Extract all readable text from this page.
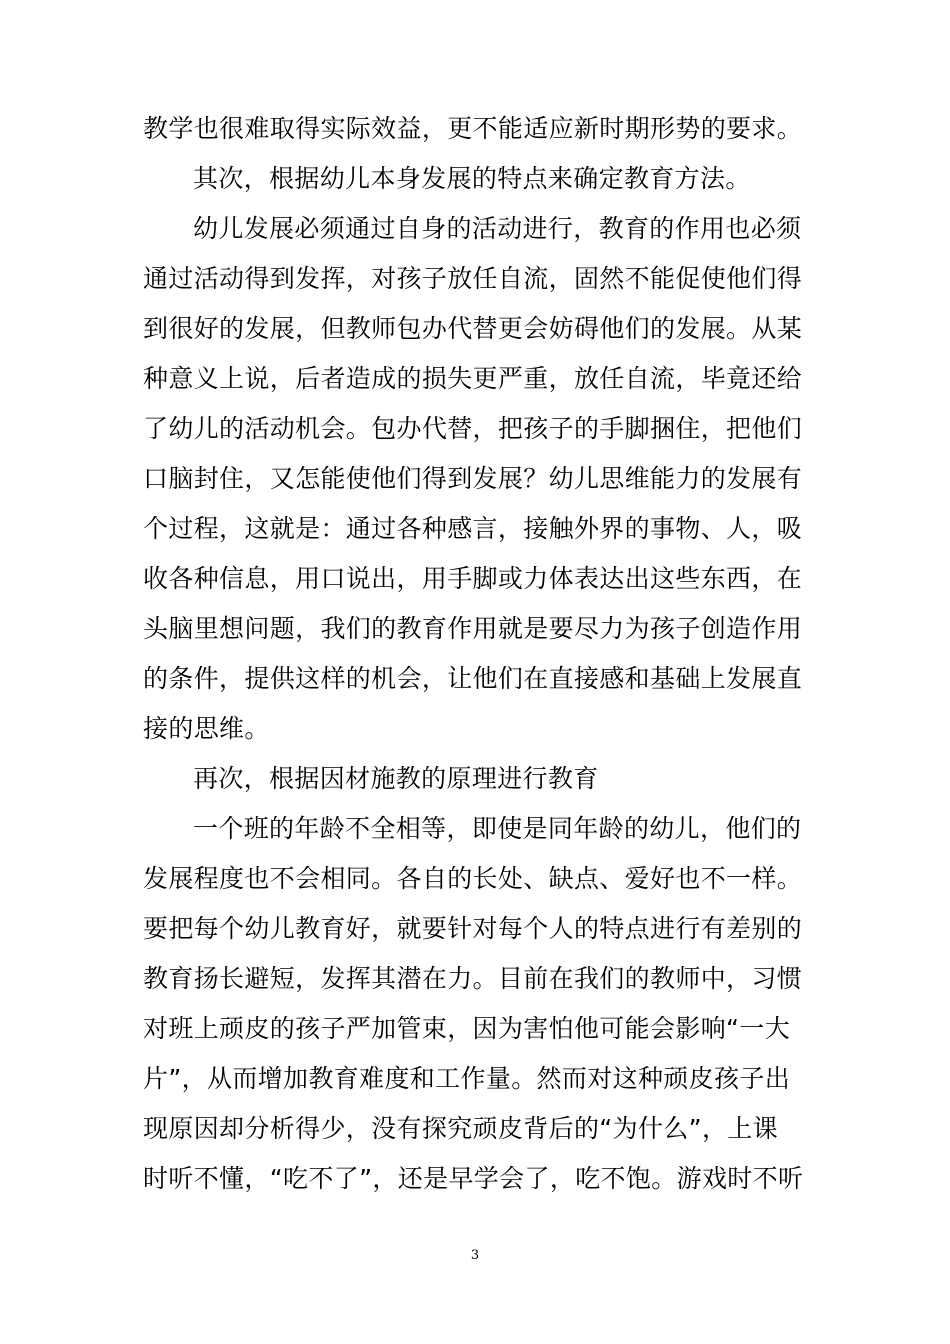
教学也很难取得实际效益，更不能适应新时期形势的要求。
其次，根据幼儿本身发展的特点来确定教育方法。
幼儿发展必须通过自身的活动进行，教育的作用也必须
通过活动得到发挥，对孩子放任自流，固然不能促使他们得
到很好的发展，但教师包办代替更会妨碍他们的发展。从某
种意义上说，后者造成的损失更严重，放任自流，毕竟还给
了幼儿的活动机会。包办代替，把孩子的手脚捆住，把他们
口脑封住，又怎能使他们得到发展？幼儿思维能力的发展有
个过程，这就是：通过各种感言，接触外界的事物、人，吸
收各种信息，用口说出，用手脚或力体表达出这些东西，在
头脑里想问题，我们的教育作用就是要尽力为孩子创造作用
的条件，提供这样的机会，让他们在直接感和基础上发展直
接的思维。
再次，根据因材施教的原理进行教育
一个班的年龄不全相等，即使是同年龄的幼儿，他们的
发展程度也不会相同。各自的长处、缺点、爱好也不一样。
要把每个幼儿教育好，就要针对每个人的特点进行有差别的
教育扬长避短，发挥其潜在力。目前在我们的教师中，习惯
对班上顽皮的孩子严加管束，因为害怕他可能会影响“一大
片”，从而增加教育难度和工作量。然而对这种顽皮孩子出
现原因却分析得少，没有探究顽皮背后的“为什么”，上课
时听不懂，“吃不了”，还是早学会了，吃不饱。游戏时不听
3
